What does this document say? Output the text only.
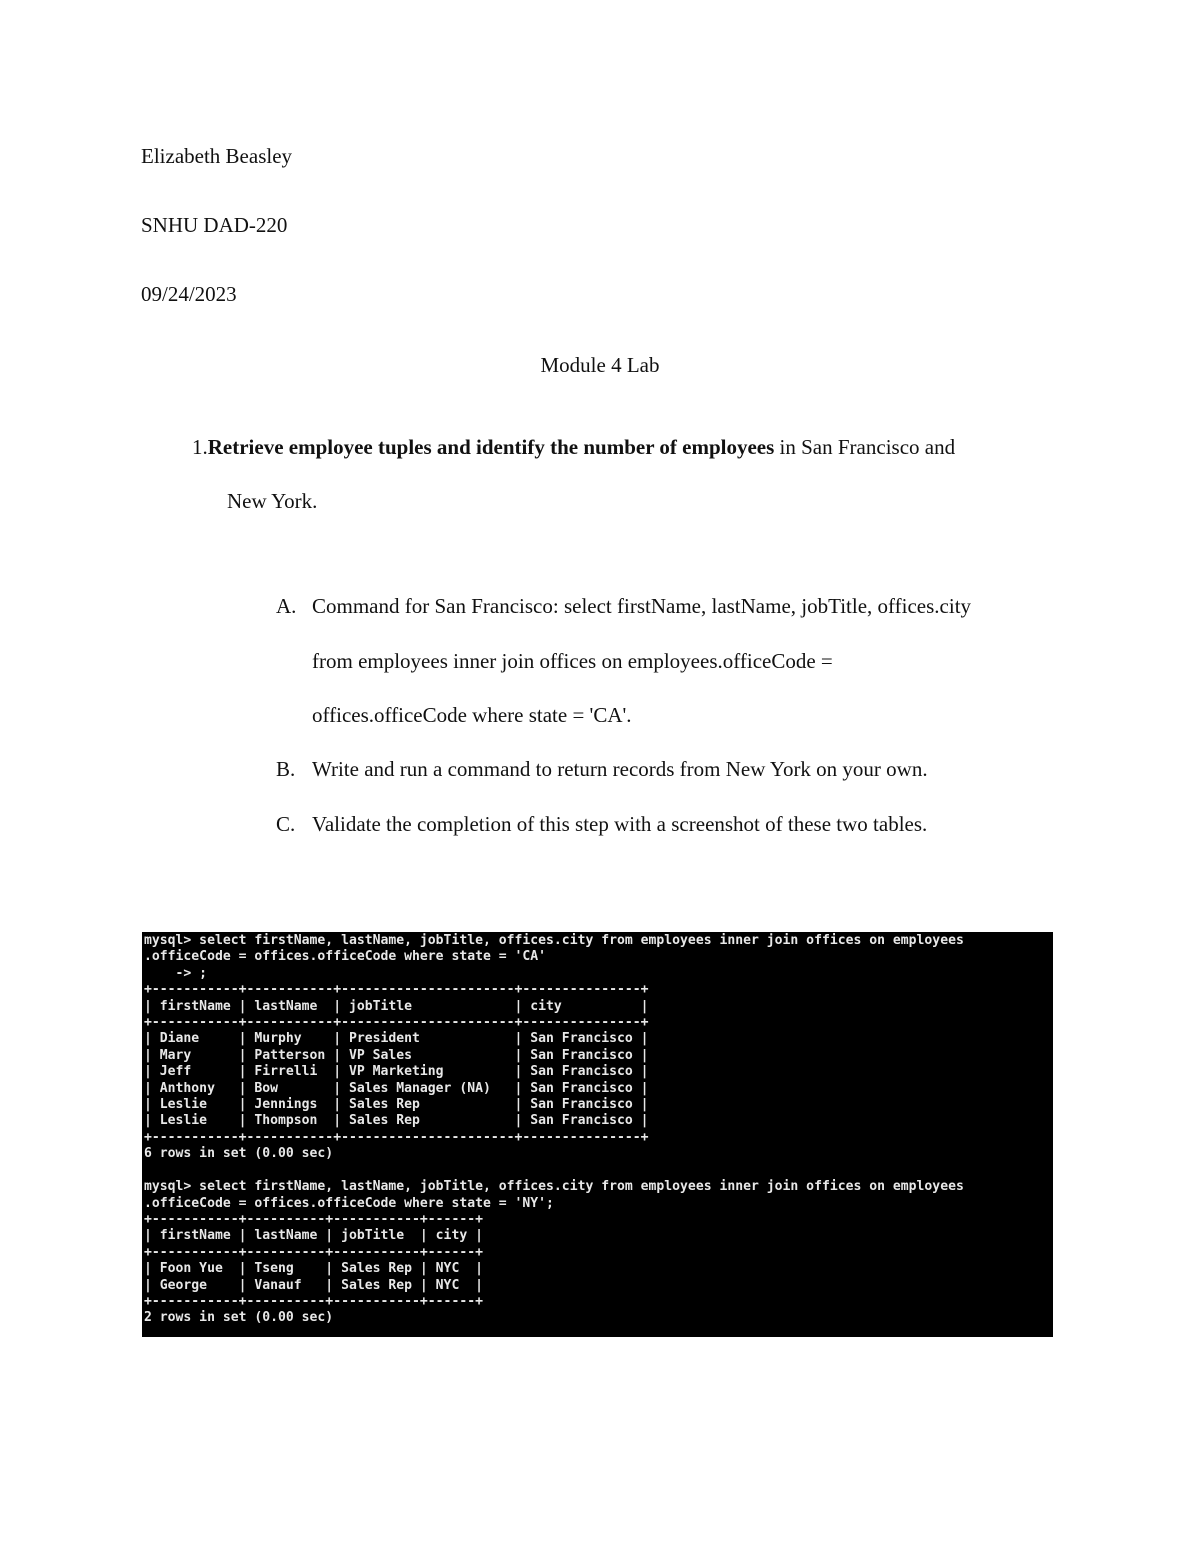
Elizabeth Beasley
SNHU DAD-220
09/24/2023
Module 4 Lab
1.Retrieve employee tuples and identify the number of employees in San Francisco and
New York.
A. Command for San Francisco: select firstName, lastName, jobTitle, offices.city
from employees inner join offices on employees.officeCode =
offices.officeCode where state = 'CA'.
B. Write and run a command to return records from New York on your own.
C. Validate the completion of this step with a screenshot of these two tables.
mysql> select firstName, lastName, jobTitle, offices.city from employees inner join offices on employees
.officeCode = offices.officeCode where state = 'CA'
-> ;
+-----------+-----------+----------------------+---------------+
| firstName | lastName  | jobTitle             | city          |
+-----------+-----------+----------------------+---------------+
| Diane     | Murphy    | President            | San Francisco |
| Mary      | Patterson | VP Sales             | San Francisco |
| Jeff      | Firrelli  | VP Marketing         | San Francisco |
| Anthony   | Bow       | Sales Manager (NA)   | San Francisco |
| Leslie    | Jennings  | Sales Rep            | San Francisco |
| Leslie    | Thompson  | Sales Rep            | San Francisco |
+-----------+-----------+----------------------+---------------+
6 rows in set (0.00 sec)

mysql> select firstName, lastName, jobTitle, offices.city from employees inner join offices on employees
.officeCode = offices.officeCode where state = 'NY';
+-----------+----------+-----------+------+
| firstName | lastName | jobTitle  | city |
+-----------+----------+-----------+------+
| Foon Yue  | Tseng    | Sales Rep | NYC  |
| George    | Vanauf   | Sales Rep | NYC  |
+-----------+----------+-----------+------+
2 rows in set (0.00 sec)
